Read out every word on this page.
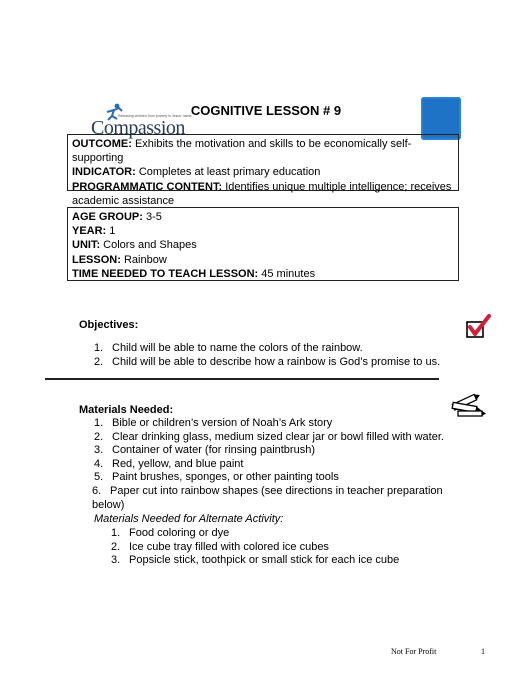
COGNITIVE LESSON # 9
Releasing children from poverty in Jesus' name
Compassion
OUTCOME: Exhibits the motivation and skills to be economically self-supporting
INDICATOR: Completes at least primary education
PROGRAMMATIC CONTENT: Identifies unique multiple intelligence; receives academic assistance
AGE GROUP: 3-5
YEAR: 1
UNIT: Colors and Shapes
LESSON: Rainbow
TIME NEEDED TO TEACH LESSON: 45 minutes
Objectives:
1. Child will be able to name the colors of the rainbow.
2. Child will be able to describe how a rainbow is God’s promise to us.
Materials Needed:
1. Bible or children’s version of Noah’s Ark story
2. Clear drinking glass, medium sized clear jar or bowl filled with water.
3. Container of water (for rinsing paintbrush)
4. Red, yellow, and blue paint
5. Paint brushes, sponges, or other painting tools
6. Paper cut into rainbow shapes (see directions in teacher preparation below)
Materials Needed for Alternate Activity:
1. Food coloring or dye
2. Ice cube tray filled with colored ice cubes
3. Popsicle stick, toothpick or small stick for each ice cube
Not For Profit	1
